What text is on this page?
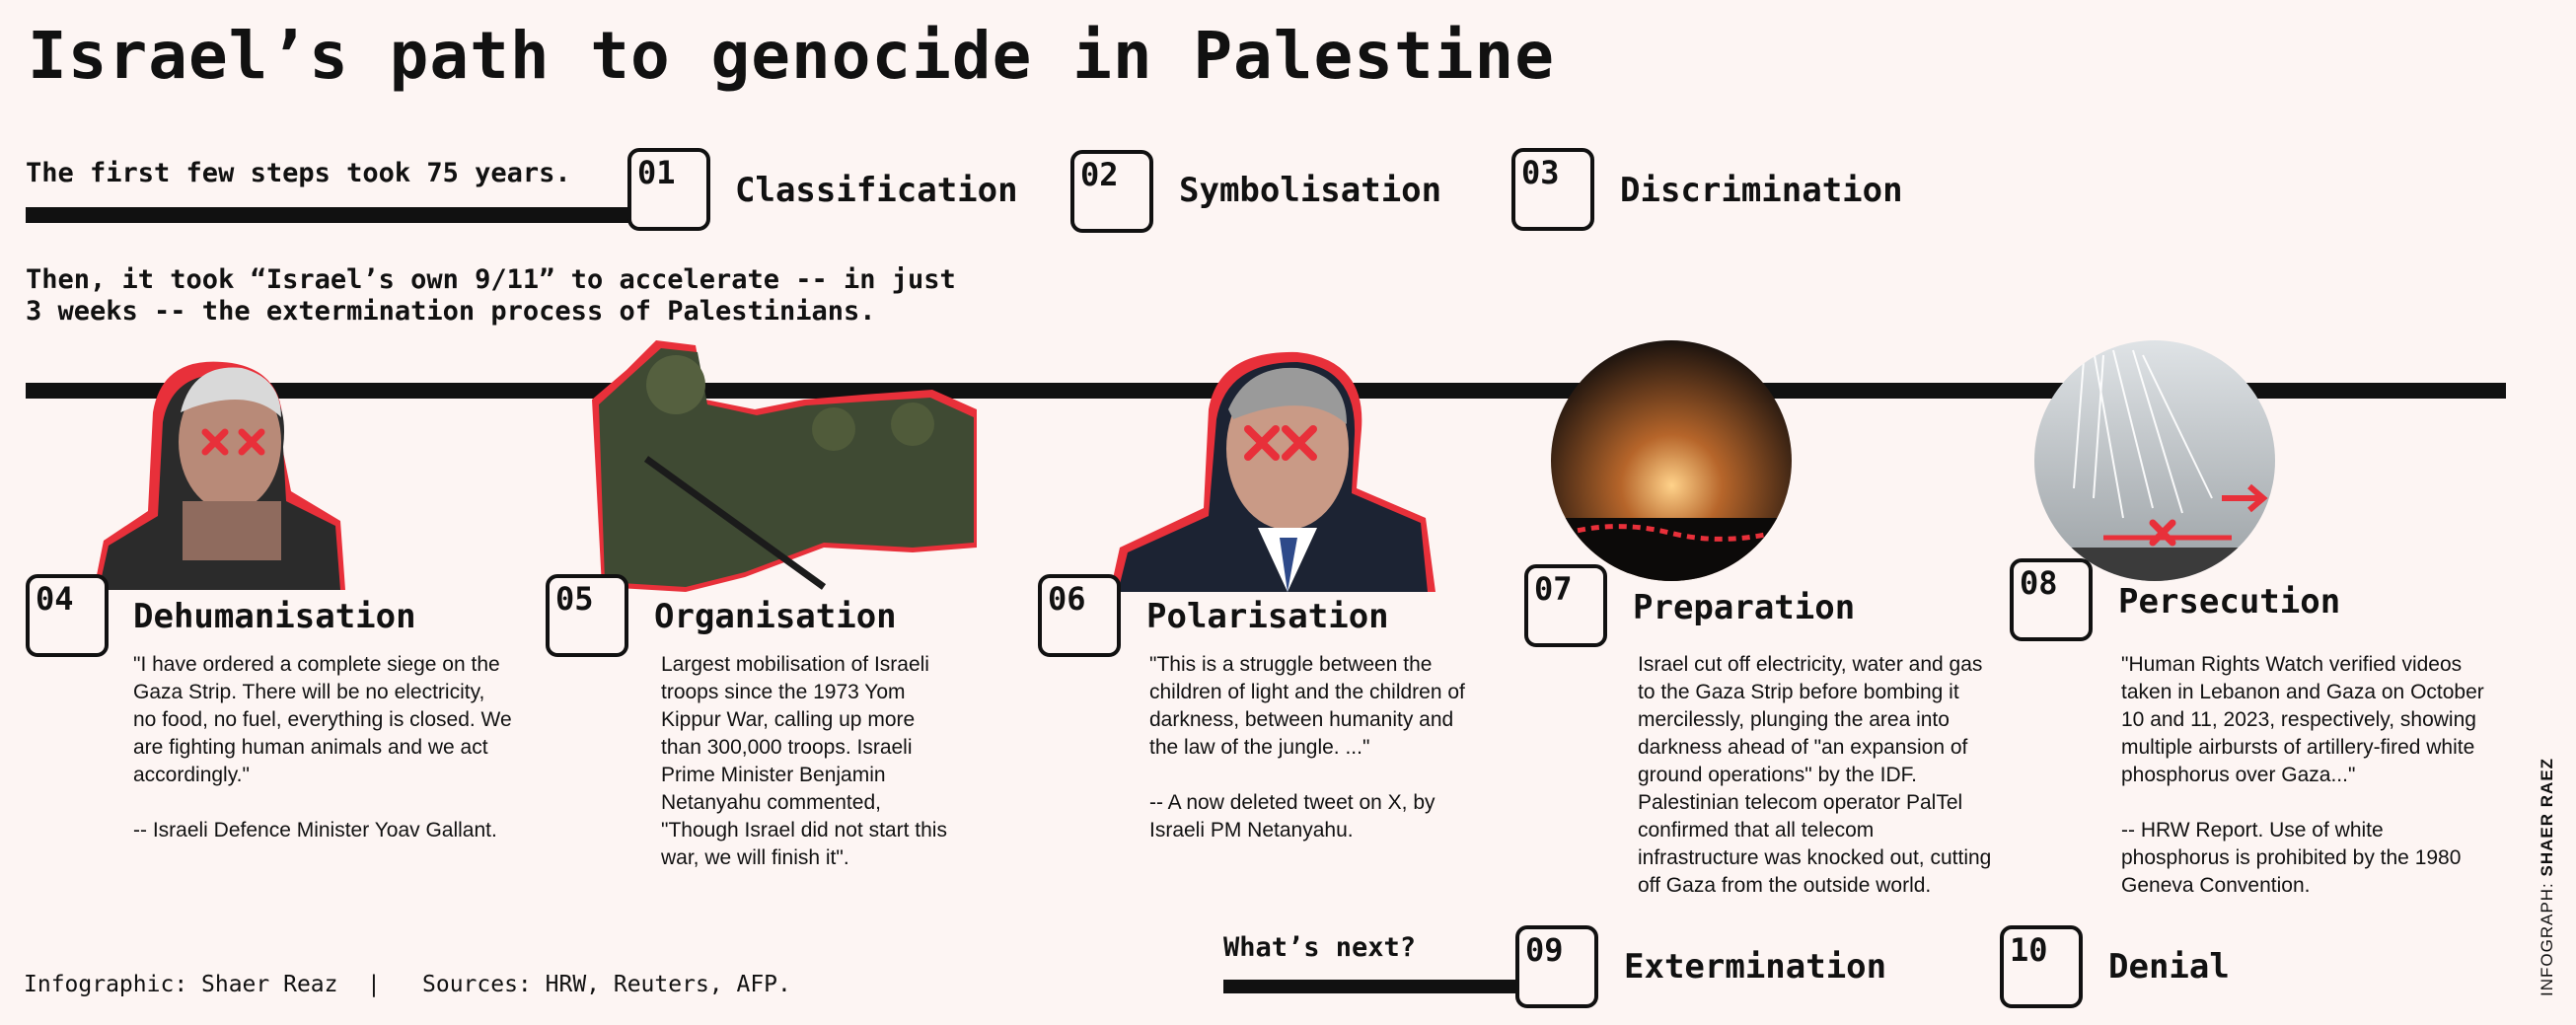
Israel’s path to genocide in Palestine
The first few steps took 75 years. 01 Classification 02 Symbolisation	03 Discrimination
Then, it took “Israel’s own 9/11” to accelerate -- in just
3 weeks -- the extermination process of Palestinians.
04 Dehumanisation
"I have ordered a complete siege on the Gaza Strip. There will be no electricity, no food, no fuel, everything is closed. We are fighting human animals and we act accordingly."

-- Israeli Defence Minister Yoav Gallant.
05 Organisation
Largest mobilisation of Israeli troops since the 1973 Yom Kippur War, calling up more than 300,000 troops. Israeli Prime Minister Benjamin Netanyahu commented, "Though Israel did not start this war, we will finish it".
06 Polarisation
"This is a struggle between the children of light and the children of darkness, between humanity and the law of the jungle. ..."

-- A now deleted tweet on X, by Israeli PM Netanyahu.
07 Preparation
Israel cut off electricity, water and gas to the Gaza Strip before bombing it mercilessly, plunging the area into darkness ahead of "an expansion of ground operations" by the IDF. Palestinian telecom operator PalTel confirmed that all telecom infrastructure was knocked out, cutting off Gaza from the outside world.
08 Persecution
"Human Rights Watch verified videos taken in Lebanon and Gaza on October 10 and 11, 2023, respectively, showing multiple airbursts of artillery-fired white phosphorus over Gaza..."

-- HRW Report. Use of white phosphorus is prohibited by the 1980 Geneva Convention.
What’s next?	09 Extermination	10 Denial
Infographic: Shaer Reaz | Sources: HRW, Reuters, AFP.	INFOGRAPH: SHAER RAEZ
